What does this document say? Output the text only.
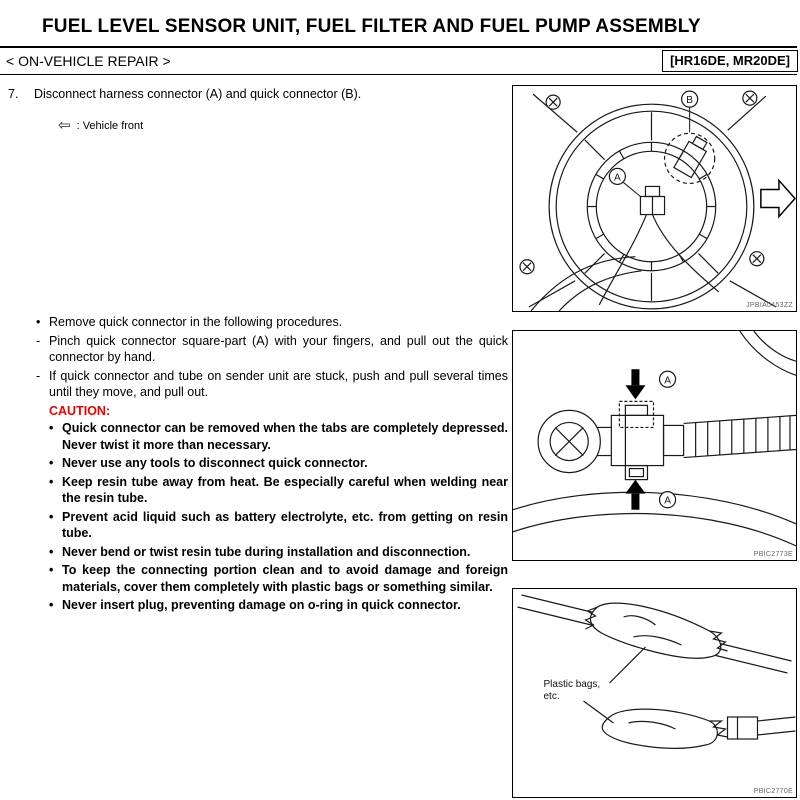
FUEL LEVEL SENSOR UNIT, FUEL FILTER AND FUEL PUMP ASSEMBLY
< ON-VEHICLE REPAIR >	[HR16DE, MR20DE]
7. Disconnect harness connector (A) and quick connector (B).
⇦ : Vehicle front
• Remove quick connector in the following procedures.
- Pinch quick connector square-part (A) with your fingers, and pull out the quick connector by hand.
- If quick connector and tube on sender unit are stuck, push and pull several times until they move, and pull out.
CAUTION:
• Quick connector can be removed when the tabs are completely depressed. Never twist it more than necessary.
• Never use any tools to disconnect quick connector.
• Keep resin tube away from heat. Be especially careful when welding near the resin tube.
• Prevent acid liquid such as battery electrolyte, etc. from getting on resin tube.
• Never bend or twist resin tube during installation and disconnection.
• To keep the connecting portion clean and to avoid damage and foreign materials, cover them completely with plastic bags or something similar.
• Never insert plug, preventing damage on o-ring in quick connector.
B
A
JPBIA0453ZZ
A
A
PBIC2773E
Plastic bags,
etc.
PBIC2770E
